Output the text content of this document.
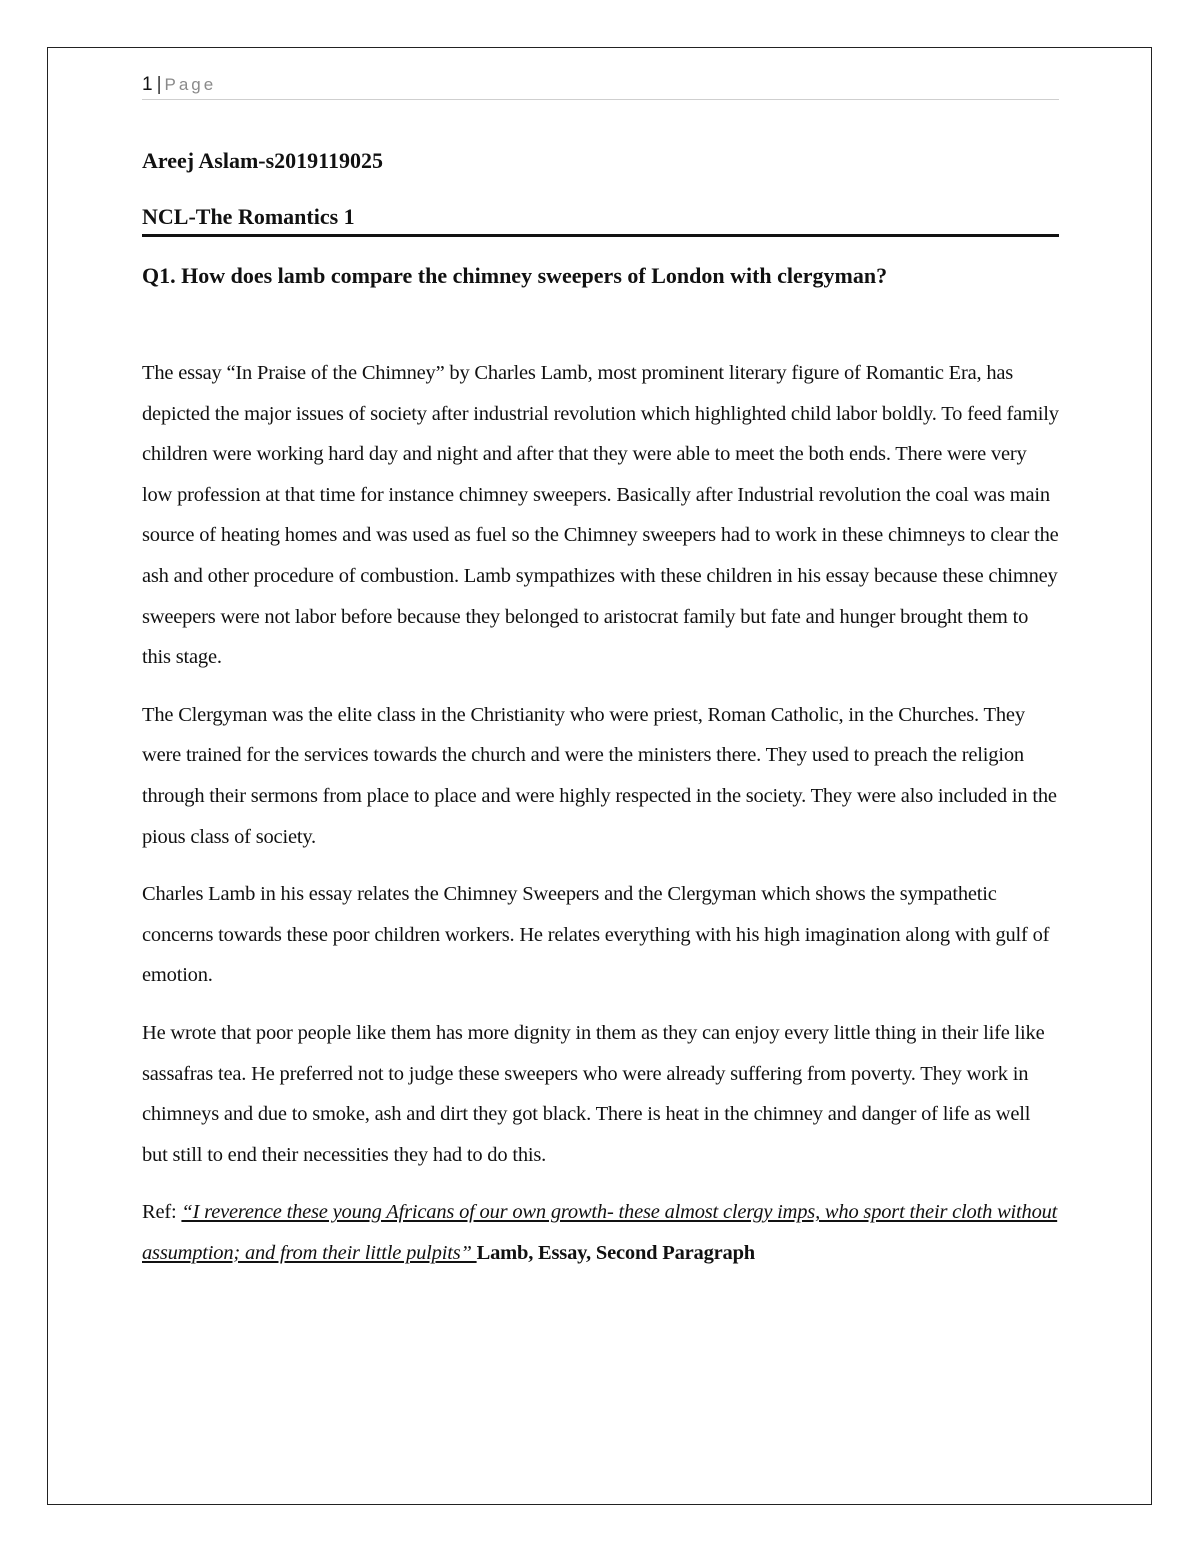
1 | Page
Areej Aslam-s2019119025
NCL-The Romantics 1
Q1. How does lamb compare the chimney sweepers of London with clergyman?

The essay “In Praise of the Chimney” by Charles Lamb, most prominent literary figure of Romantic Era, has depicted the major issues of society after industrial revolution which highlighted child labor boldly. To feed family children were working hard day and night and after that they were able to meet the both ends. There were very low profession at that time for instance chimney sweepers. Basically after Industrial revolution the coal was main source of heating homes and was used as fuel so the Chimney sweepers had to work in these chimneys to clear the ash and other procedure of combustion. Lamb sympathizes with these children in his essay because these chimney sweepers were not labor before because they belonged to aristocrat family but fate and hunger brought them to this stage.

The Clergyman was the elite class in the Christianity who were priest, Roman Catholic, in the Churches. They were trained for the services towards the church and were the ministers there. They used to preach the religion through their sermons from place to place and were highly respected in the society. They were also included in the pious class of society.

Charles Lamb in his essay relates the Chimney Sweepers and the Clergyman which shows the sympathetic concerns towards these poor children workers. He relates everything with his high imagination along with gulf of emotion.

He wrote that poor people like them has more dignity in them as they can enjoy every little thing in their life like sassafras tea. He preferred not to judge these sweepers who were already suffering from poverty. They work in chimneys and due to smoke, ash and dirt they got black. There is heat in the chimney and danger of life as well but still to end their necessities they had to do this.

Ref: “I reverence these young Africans of our own growth- these almost clergy imps, who sport their cloth without assumption; and from their little pulpits” Lamb, Essay, Second Paragraph
